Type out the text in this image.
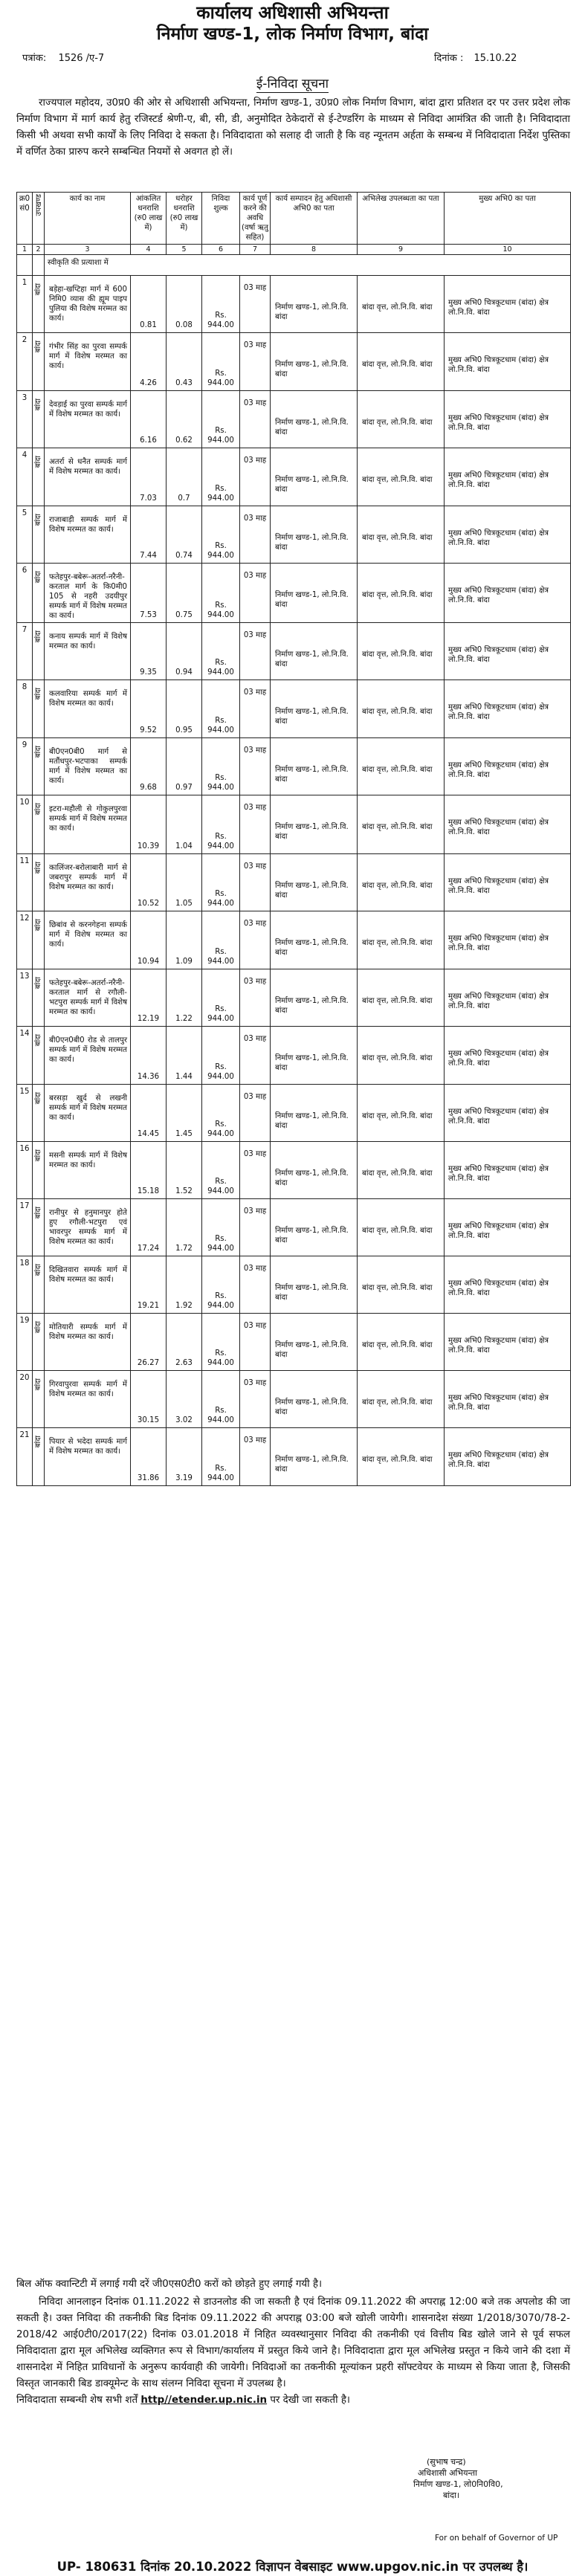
कार्यालय अधिशासी अभियन्ता
निर्माण खण्ड-1, लोक निर्माण विभाग, बांदा
पत्रांक: 1526 /ए-7	दिनांक : 15.10.22
ई-निविदा सूचना
राज्यपाल महोदय, उ0प्र0 की ओर से अधिशासी अभियन्ता, निर्माण खण्ड-1, उ0प्र0 लोक निर्माण विभाग, बांदा द्वारा प्रतिशत दर पर उत्तर प्रदेश लोक निर्माण विभाग में मार्ग कार्य हेतु रजिस्टर्ड श्रेणी-ए, बी, सी, डी, अनुमोदित ठेकेदारों से ई-टेण्डरिंग के माध्यम से निविदा आमंत्रित की जाती है। निविदादाता किसी भी अथवा सभी कार्यों के लिए निविदा दे सकता है। निविदादाता को सलाह दी जाती है कि वह न्यूनतम अर्हता के सम्बन्ध में निविदादाता निर्देश पुस्तिका में वर्णित ठेका प्रारुप करने सम्बन्धित नियमों से अवगत हो लें।
क्र0 सं0	उपखण्ड	कार्य का नाम	आंकलित धनराशि (रु0 लाख में)	धरोहर धनराशि (रु0 लाख में)	निविदा शुल्क	कार्य पूर्ण करने की अवधि (वर्षा ऋतु सहित)	कार्य सम्पादन हेतु अधिशासी अभि0 का पता	अभिलेख उपलब्धता का पता	मुख्य अभि0 का पता
1	2	3	4	5	6	7	8	9	10
		स्वीकृति की प्रत्याशा में							
1	बांदा	बड़ेहा-खप्टिहा मार्ग में 600 निमि0 व्यास की ह्यूम पाइप पुलिया की विशेष मरम्मत का कार्य।	0.81	0.08	Rs. 944.00	03 माह	निर्माण खण्ड-1, लो.नि.वि. बांदा	बांदा वृत्त, लो.नि.वि. बांदा	मुख्य अभि0 चित्रकूटधाम (बांदा) क्षेत्र लो.नि.वि. बांदा
2	बांदा	गंभीर सिंह का पुरवा सम्पर्क मार्ग में विशेष मरम्मत का कार्य।	4.26	0.43	Rs. 944.00	03 माह	निर्माण खण्ड-1, लो.नि.वि. बांदा	बांदा वृत्त, लो.नि.वि. बांदा	मुख्य अभि0 चित्रकूटधाम (बांदा) क्षेत्र लो.नि.वि. बांदा
3	बांदा	देवड़ाई का पुरवा सम्पर्क मार्ग में विशेष मरम्मत का कार्य।	6.16	0.62	Rs. 944.00	03 माह	निर्माण खण्ड-1, लो.नि.वि. बांदा	बांदा वृत्त, लो.नि.वि. बांदा	मुख्य अभि0 चित्रकूटधाम (बांदा) क्षेत्र लो.नि.वि. बांदा
4	बांदा	अतर्रा से धनैत सम्पर्क मार्ग में विशेष मरम्मत का कार्य।	7.03	0.7	Rs. 944.00	03 माह	निर्माण खण्ड-1, लो.नि.वि. बांदा	बांदा वृत्त, लो.नि.वि. बांदा	मुख्य अभि0 चित्रकूटधाम (बांदा) क्षेत्र लो.नि.वि. बांदा
5	बांदा	राजाबाड़ी सम्पर्क मार्ग में विशेष मरम्मत का कार्य।	7.44	0.74	Rs. 944.00	03 माह	निर्माण खण्ड-1, लो.नि.वि. बांदा	बांदा वृत्त, लो.नि.वि. बांदा	मुख्य अभि0 चित्रकूटधाम (बांदा) क्षेत्र लो.नि.वि. बांदा
6	बांदा	फतेहपुर-बबेरू-अतर्रा-नरैनी-करताल मार्ग के कि0मी0 105 से नहरी उदयीपुर सम्पर्क मार्ग में विशेष मरम्मत का कार्य।	7.53	0.75	Rs. 944.00	03 माह	निर्माण खण्ड-1, लो.नि.वि. बांदा	बांदा वृत्त, लो.नि.वि. बांदा	मुख्य अभि0 चित्रकूटधाम (बांदा) क्षेत्र लो.नि.वि. बांदा
7	बांदा	कनाय सम्पर्क मार्ग में विशेष मरम्मत का कार्य।	9.35	0.94	Rs. 944.00	03 माह	निर्माण खण्ड-1, लो.नि.वि. बांदा	बांदा वृत्त, लो.नि.वि. बांदा	मुख्य अभि0 चित्रकूटधाम (बांदा) क्षेत्र लो.नि.वि. बांदा
8	बांदा	कलवारिया सम्पर्क मार्ग में विशेष मरम्मत का कार्य।	9.52	0.95	Rs. 944.00	03 माह	निर्माण खण्ड-1, लो.नि.वि. बांदा	बांदा वृत्त, लो.नि.वि. बांदा	मुख्य अभि0 चित्रकूटधाम (बांदा) क्षेत्र लो.नि.वि. बांदा
9	बांदा	बी0एन0बी0 मार्ग से मतौंधपुर-भटपाका सम्पर्क मार्ग में विशेष मरम्मत का कार्य।	9.68	0.97	Rs. 944.00	03 माह	निर्माण खण्ड-1, लो.नि.वि. बांदा	बांदा वृत्त, लो.नि.वि. बांदा	मुख्य अभि0 चित्रकूटधाम (बांदा) क्षेत्र लो.नि.वि. बांदा
10	बांदा	इटरा-महौली से गोकुलपुरवा सम्पर्क मार्ग में विशेष मरम्मत का कार्य।	10.39	1.04	Rs. 944.00	03 माह	निर्माण खण्ड-1, लो.नि.वि. बांदा	बांदा वृत्त, लो.नि.वि. बांदा	मुख्य अभि0 चित्रकूटधाम (बांदा) क्षेत्र लो.नि.वि. बांदा
11	बांदा	कालिंजर-बरोलाबारी मार्ग से जबरापुर सम्पर्क मार्ग में विशेष मरम्मत का कार्य।	10.52	1.05	Rs. 944.00	03 माह	निर्माण खण्ड-1, लो.नि.वि. बांदा	बांदा वृत्त, लो.नि.वि. बांदा	मुख्य अभि0 चित्रकूटधाम (बांदा) क्षेत्र लो.नि.वि. बांदा
12	बांदा	छिबांव से करनगेहना सम्पर्क मार्ग में विशेष मरम्मत का कार्य।	10.94	1.09	Rs. 944.00	03 माह	निर्माण खण्ड-1, लो.नि.वि. बांदा	बांदा वृत्त, लो.नि.वि. बांदा	मुख्य अभि0 चित्रकूटधाम (बांदा) क्षेत्र लो.नि.वि. बांदा
13	बांदा	फतेहपुर-बबेरू-अतर्रा-नरैनी-करताल मार्ग से रगौली-भटपुरा सम्पर्क मार्ग में विशेष मरम्मत का कार्य।	12.19	1.22	Rs. 944.00	03 माह	निर्माण खण्ड-1, लो.नि.वि. बांदा	बांदा वृत्त, लो.नि.वि. बांदा	मुख्य अभि0 चित्रकूटधाम (बांदा) क्षेत्र लो.नि.वि. बांदा
14	बांदा	बी0एन0बी0 रोड से तालपुर सम्पर्क मार्ग में विशेष मरम्मत का कार्य।	14.36	1.44	Rs. 944.00	03 माह	निर्माण खण्ड-1, लो.नि.वि. बांदा	बांदा वृत्त, लो.नि.वि. बांदा	मुख्य अभि0 चित्रकूटधाम (बांदा) क्षेत्र लो.नि.वि. बांदा
15	बांदा	बरसड़ा खुर्द से लखनी सम्पर्क मार्ग में विशेष मरम्मत का कार्य।	14.45	1.45	Rs. 944.00	03 माह	निर्माण खण्ड-1, लो.नि.वि. बांदा	बांदा वृत्त, लो.नि.वि. बांदा	मुख्य अभि0 चित्रकूटधाम (बांदा) क्षेत्र लो.नि.वि. बांदा
16	बांदा	मसनी सम्पर्क मार्ग में विशेष मरम्मत का कार्य।	15.18	1.52	Rs. 944.00	03 माह	निर्माण खण्ड-1, लो.नि.वि. बांदा	बांदा वृत्त, लो.नि.वि. बांदा	मुख्य अभि0 चित्रकूटधाम (बांदा) क्षेत्र लो.नि.वि. बांदा
17	बांदा	रानीपुर से हनुमानपुर होते हुए रगौली-भटपुरा एवं भावरपुर सम्पर्क मार्ग में विशेष मरम्मत का कार्य।	17.24	1.72	Rs. 944.00	03 माह	निर्माण खण्ड-1, लो.नि.वि. बांदा	बांदा वृत्त, लो.नि.वि. बांदा	मुख्य अभि0 चित्रकूटधाम (बांदा) क्षेत्र लो.नि.वि. बांदा
18	बांदा	दिखितवारा सम्पर्क मार्ग में विशेष मरम्मत का कार्य।	19.21	1.92	Rs. 944.00	03 माह	निर्माण खण्ड-1, लो.नि.वि. बांदा	बांदा वृत्त, लो.नि.वि. बांदा	मुख्य अभि0 चित्रकूटधाम (बांदा) क्षेत्र लो.नि.वि. बांदा
19	बांदा	मोतियारी सम्पर्क मार्ग में विशेष मरम्मत का कार्य।	26.27	2.63	Rs. 944.00	03 माह	निर्माण खण्ड-1, लो.नि.वि. बांदा	बांदा वृत्त, लो.नि.वि. बांदा	मुख्य अभि0 चित्रकूटधाम (बांदा) क्षेत्र लो.नि.वि. बांदा
20	बांदा	गिरवापुरवा सम्पर्क मार्ग में विशेष मरम्मत का कार्य।	30.15	3.02	Rs. 944.00	03 माह	निर्माण खण्ड-1, लो.नि.वि. बांदा	बांदा वृत्त, लो.नि.वि. बांदा	मुख्य अभि0 चित्रकूटधाम (बांदा) क्षेत्र लो.नि.वि. बांदा
21	बांदा	पियार से भदेदा सम्पर्क मार्ग में विशेष मरम्मत का कार्य।	31.86	3.19	Rs. 944.00	03 माह	निर्माण खण्ड-1, लो.नि.वि. बांदा	बांदा वृत्त, लो.नि.वि. बांदा	मुख्य अभि0 चित्रकूटधाम (बांदा) क्षेत्र लो.नि.वि. बांदा
बिल ऑफ क्वान्टिटी में लगाई गयी दरें जी0एस0टी0 करों को छोड़ते हुए लगाई गयी है।
निविदा आनलाइन दिनांक 01.11.2022 से डाउनलोड की जा सकती है एवं दिनांक 09.11.2022 की अपराह्न 12:00 बजे तक अपलोड की जा सकती है। उक्त निविदा की तकनीकी बिड दिनांक 09.11.2022 की अपराह्न 03:00 बजे खोली जायेगी। शासनादेश संख्या 1/2018/3070/78-2-2018/42 आई0टी0/2017(22) दिनांक 03.01.2018 में निहित व्यवस्थानुसार निविदा की तकनीकी एवं वित्तीय बिड खोले जाने से पूर्व सफल निविदादाता द्वारा मूल अभिलेख व्यक्तिगत रूप से विभाग/कार्यालय में प्रस्तुत किये जाने है। निविदादाता द्वारा मूल अभिलेख प्रस्तुत न किये जाने की दशा में शासनादेश में निहित प्राविधानों के अनुरूप कार्यवाही की जायेगी। निविदाओं का तकनीकी मूल्यांकन प्रहरी सॉफ्टवेयर के माध्यम से किया जाता है, जिसकी विस्तृत जानकारी बिड डाक्यूमेन्ट के साथ संलग्न निविदा सूचना में उपलब्ध है।
निविदादाता सम्बन्धी शेष सभी शर्तें http//etender.up.nic.in पर देखी जा सकती है।
(सुभाष चन्द्र)
अधिशासी अभियन्ता
निर्माण खण्ड-1, लो0नि0वि0,
बांदा।
For on behalf of Governor of UP
UP- 180631 दिनांक 20.10.2022 विज्ञापन वेबसाइट www.upgov.nic.in पर उपलब्ध है।
